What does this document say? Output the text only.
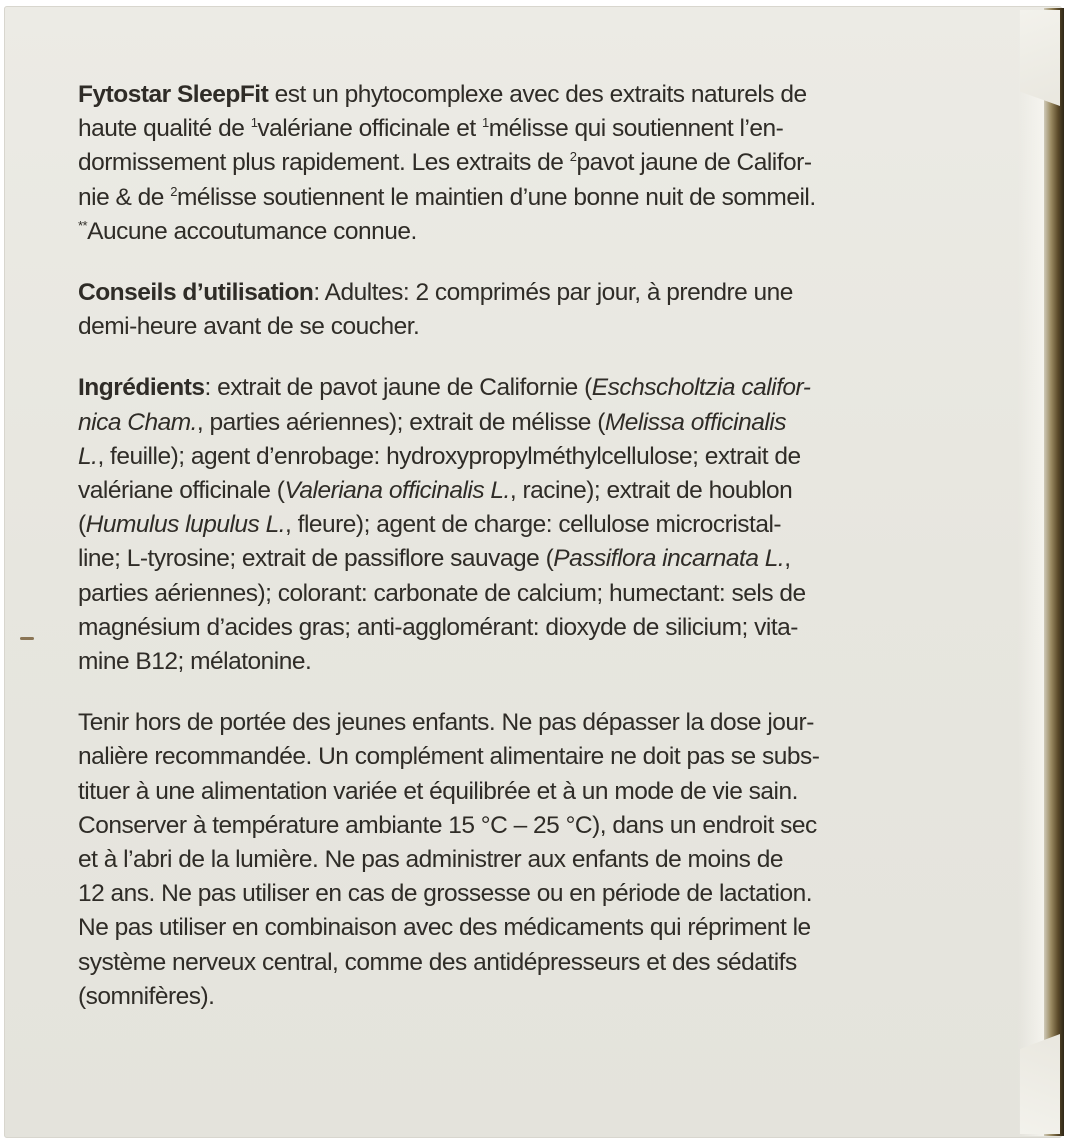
Fytostar SleepFit est un phytocomplexe avec des extraits naturels de
haute qualité de $^1$valériane officinale et $^1$mélisse qui soutiennent l’en-
dormissement plus rapidement. Les extraits de $^2$pavot jaune de Califor-
nie & de $^2$mélisse soutiennent le maintien d’une bonne nuit de sommeil.
**Aucune accoutumance connue.

Conseils d’utilisation: Adultes: 2 comprimés par jour, à prendre une
demi-heure avant de se coucher.

Ingrédients: extrait de pavot jaune de Californie (Eschscholtzia califor-
nica Cham., parties aériennes); extrait de mélisse (Melissa officinalis
L., feuille); agent d’enrobage: hydroxypropylméthylcellulose; extrait de
valériane officinale (Valeriana officinalis L., racine); extrait de houblon
(Humulus lupulus L., fleure); agent de charge: cellulose microcristal-
line; L-tyrosine; extrait de passiflore sauvage (Passiflora incarnata L.,
parties aériennes); colorant: carbonate de calcium; humectant: sels de
magnésium d’acides gras; anti-agglomérant: dioxyde de silicium; vita-
mine B12; mélatonine.

Tenir hors de portée des jeunes enfants. Ne pas dépasser la dose jour-
nalière recommandée. Un complément alimentaire ne doit pas se subs-
tituer à une alimentation variée et équilibrée et à un mode de vie sain.
Conserver à température ambiante 15 °C – 25 °C), dans un endroit sec
et à l’abri de la lumière. Ne pas administrer aux enfants de moins de
12 ans. Ne pas utiliser en cas de grossesse ou en période de lactation.
Ne pas utiliser en combinaison avec des médicaments qui répriment le
système nerveux central, comme des antidépresseurs et des sédatifs
(somnifères).
